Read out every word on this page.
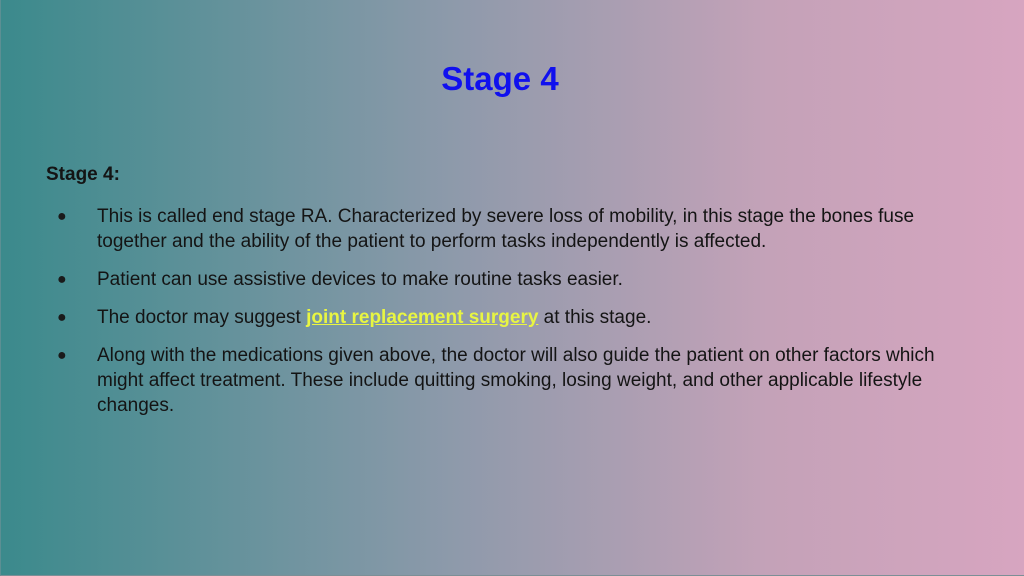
Stage 4
Stage 4:
● This is called end stage RA. Characterized by severe loss of mobility, in this stage the bones fuse together and the ability of the patient to perform tasks independently is affected.
● Patient can use assistive devices to make routine tasks easier.
● The doctor may suggest joint replacement surgery at this stage.
● Along with the medications given above, the doctor will also guide the patient on other factors which might affect treatment. These include quitting smoking, losing weight, and other applicable lifestyle changes.
